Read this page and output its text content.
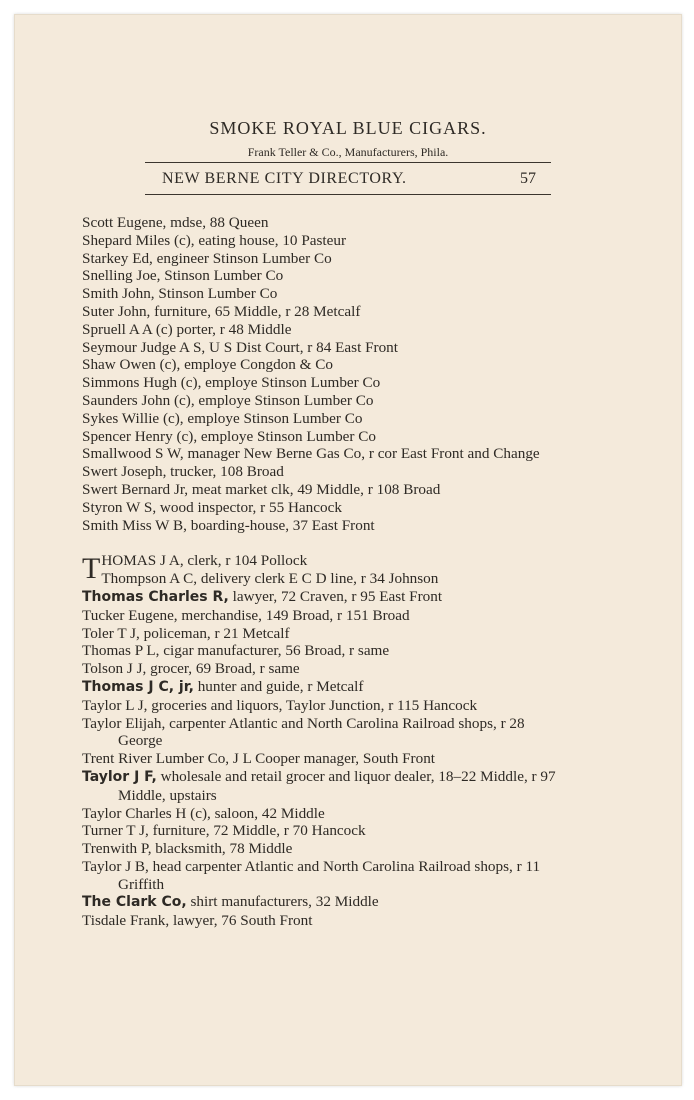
SMOKE ROYAL BLUE CIGARS.
Frank Teller & Co., Manufacturers, Phila.
NEW BERNE CITY DIRECTORY.	57
Scott Eugene, mdse, 88 Queen
Shepard Miles (c), eating house, 10 Pasteur
Starkey Ed, engineer Stinson Lumber Co
Snelling Joe, Stinson Lumber Co
Smith John, Stinson Lumber Co
Suter John, furniture, 65 Middle, r 28 Metcalf
Spruell A A (c) porter, r 48 Middle
Seymour Judge A S, U S Dist Court, r 84 East Front
Shaw Owen (c), employe Congdon & Co
Simmons Hugh (c), employe Stinson Lumber Co
Saunders John (c), employe Stinson Lumber Co
Sykes Willie (c), employe Stinson Lumber Co
Spencer Henry (c), employe Stinson Lumber Co
Smallwood S W, manager New Berne Gas Co, r cor East Front and Change
Swert Joseph, trucker, 108 Broad
Swert Bernard Jr, meat market clk, 49 Middle, r 108 Broad
Styron W S, wood inspector, r 55 Hancock
Smith Miss W B, boarding-house, 37 East Front
THOMAS J A, clerk, r 104 Pollock
Thompson A C, delivery clerk E C D line, r 34 Johnson
Thomas Charles R, lawyer, 72 Craven, r 95 East Front
Tucker Eugene, merchandise, 149 Broad, r 151 Broad
Toler T J, policeman, r 21 Metcalf
Thomas P L, cigar manufacturer, 56 Broad, r same
Tolson J J, grocer, 69 Broad, r same
Thomas J C, jr, hunter and guide, r Metcalf
Taylor L J, groceries and liquors, Taylor Junction, r 115 Hancock
Taylor Elijah, carpenter Atlantic and North Carolina Railroad shops, r 28 George
Trent River Lumber Co, J L Cooper manager, South Front
Taylor J F, wholesale and retail grocer and liquor dealer, 18–22 Middle, r 97 Middle, upstairs
Taylor Charles H (c), saloon, 42 Middle
Turner T J, furniture, 72 Middle, r 70 Hancock
Trenwith P, blacksmith, 78 Middle
Taylor J B, head carpenter Atlantic and North Carolina Railroad shops, r 11 Griffith
The Clark Co, shirt manufacturers, 32 Middle
Tisdale Frank, lawyer, 76 South Front
